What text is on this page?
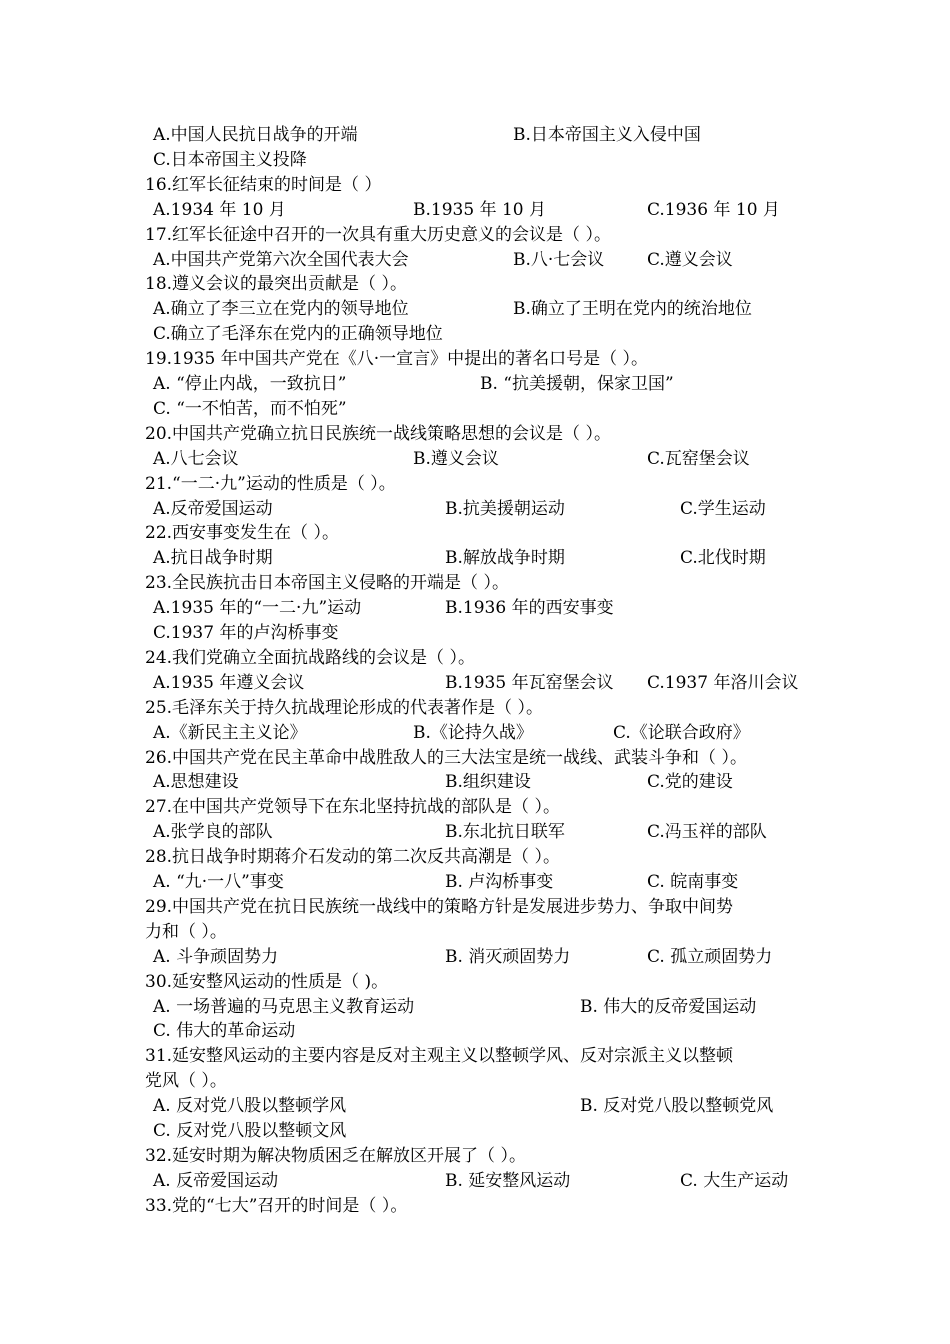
A.中国人民抗日战争的开端	B.日本帝国主义入侵中国
C.日本帝国主义投降
16.红军长征结束的时间是（ ）
A.1934 年 10 月	B.1935 年 10 月	C.1936 年 10 月
17.红军长征途中召开的一次具有重大历史意义的会议是（ ）。
A.中国共产党第六次全国代表大会	B.八·七会议	C.遵义会议
18.遵义会议的最突出贡献是（ ）。
A.确立了李三立在党内的领导地位	B.确立了王明在党内的统治地位
C.确立了毛泽东在党内的正确领导地位
19.1935 年中国共产党在《八·一宣言》中提出的著名口号是（ ）。
A. “停止内战，一致抗日”	B. “抗美援朝，保家卫国”
C. “一不怕苦，而不怕死”
20.中国共产党确立抗日民族统一战线策略思想的会议是（ ）。
A.八七会议	B.遵义会议	C.瓦窑堡会议
21.“一二·九”运动的性质是（ ）。
A.反帝爱国运动	B.抗美援朝运动	C.学生运动
22.西安事变发生在（ ）。
A.抗日战争时期	B.解放战争时期	C.北伐时期
23.全民族抗击日本帝国主义侵略的开端是（ ）。
A.1935 年的“一二·九”运动	B.1936 年的西安事变
C.1937 年的卢沟桥事变
24.我们党确立全面抗战路线的会议是（ ）。
A.1935 年遵义会议	B.1935 年瓦窑堡会议 C.1937 年洛川会议
25.毛泽东关于持久抗战理论形成的代表著作是（ ）。
A.《新民主主义论》	B.《论持久战》	C.《论联合政府》
26.中国共产党在民主革命中战胜敌人的三大法宝是统一战线、武装斗争和（ ）。
A.思想建设	B.组织建设	C.党的建设
27.在中国共产党领导下在东北坚持抗战的部队是（ ）。
A.张学良的部队	B.东北抗日联军	C.冯玉祥的部队
28.抗日战争时期蒋介石发动的第二次反共高潮是（ ）。
A. “九·一八”事变	B. 卢沟桥事变	C. 皖南事变
29.中国共产党在抗日民族统一战线中的策略方针是发展进步势力、争取中间势
力和（ ）。
A. 斗争顽固势力	B. 消灭顽固势力	C. 孤立顽固势力
30.延安整风运动的性质是（ )。
A. 一场普遍的马克思主义教育运动	B. 伟大的反帝爱国运动
C. 伟大的革命运动
31.延安整风运动的主要内容是反对主观主义以整顿学风、反对宗派主义以整顿
党风（ ）。
A. 反对党八股以整顿学风	B. 反对党八股以整顿党风
C. 反对党八股以整顿文风
32.延安时期为解决物质困乏在解放区开展了（ ）。
A. 反帝爱国运动	B. 延安整风运动	C. 大生产运动
33.党的“七大”召开的时间是（ ）。
